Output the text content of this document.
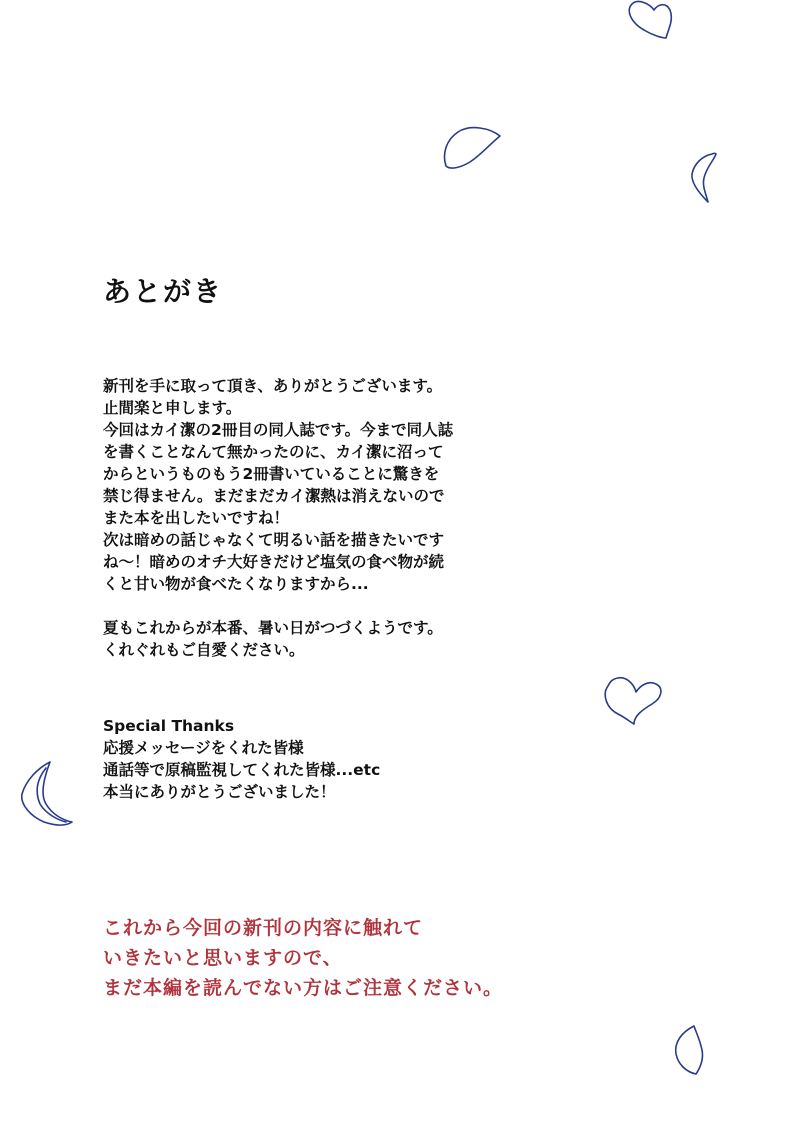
あとがき
新刊を手に取って頂き、ありがとうございます。
止間楽と申します。
今回はカイ潔の2冊目の同人誌です。今まで同人誌
を書くことなんて無かったのに、カイ潔に沼って
からというものもう2冊書いていることに驚きを
禁じ得ません。まだまだカイ潔熱は消えないので
また本を出したいですね！
次は暗めの話じゃなくて明るい話を描きたいです
ね～！暗めのオチ大好きだけど塩気の食べ物が続
くと甘い物が食べたくなりますから...
夏もこれからが本番、暑い日がつづくようです。
くれぐれもご自愛ください。
Special Thanks
応援メッセージをくれた皆様
通話等で原稿監視してくれた皆様...etc
本当にありがとうございました！
これから今回の新刊の内容に触れて
いきたいと思いますので、
まだ本編を読んでない方はご注意ください。
